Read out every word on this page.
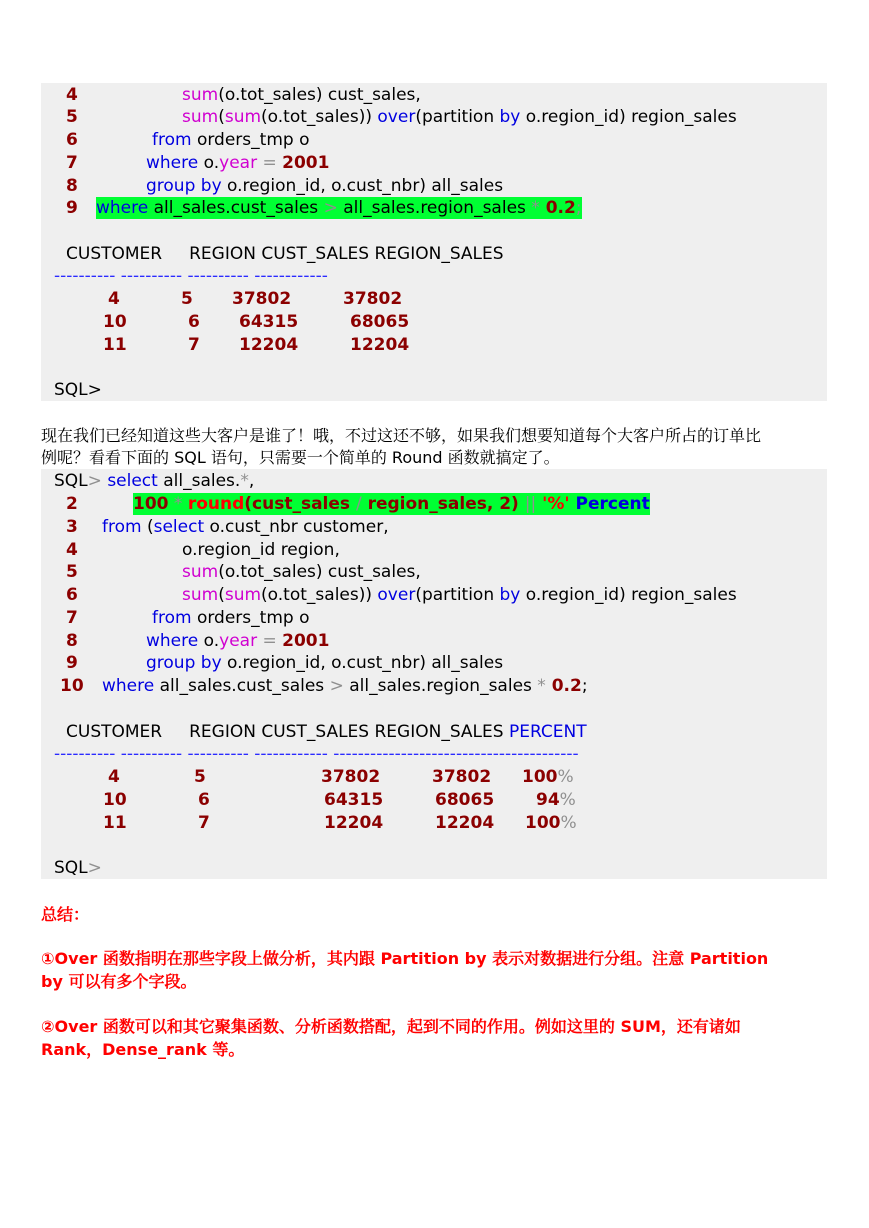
4	sum(o.tot_sales) cust_sales,
5	sum(sum(o.tot_sales)) over(partition by o.region_id) region_sales
6	from orders_tmp o
7	where o.year = 2001
8	group by o.region_id, o.cust_nbr) all_sales
9 where all_sales.cust_sales > all_sales.region_sales * 0.2;
CUSTOMER     REGION CUST_SALES REGION_SALES
---------- ---------- ---------- ------------
4	5 37802	37802
10	6 64315	68065
11	7 12204	12204
SQL>
现在我们已经知道这些大客户是谁了！哦，不过这还不够，如果我们想要知道每个大客户所占的订单比
例呢？看看下面的 SQL 语句，只需要一个简单的 Round 函数就搞定了。
SQL> select all_sales.*,
2	100 * round(cust_sales / region_sales, 2) || '%' Percent
3 from (select o.cust_nbr customer,
4	o.region_id region,
5	sum(o.tot_sales) cust_sales,
6	sum(sum(o.tot_sales)) over(partition by o.region_id) region_sales
7	from orders_tmp o
8	where o.year = 2001
9	group by o.region_id, o.cust_nbr) all_sales
10 where all_sales.cust_sales > all_sales.region_sales * 0.2;
CUSTOMER     REGION CUST_SALES REGION_SALES PERCENT
---------- ---------- ---------- ------------ ----------------------------------------
4	5	37802	37802 100%
10	6	64315	68065 94%
11	7	12204	12204 100%
SQL>
总结：
①Over 函数指明在那些字段上做分析，其内跟 Partition by 表示对数据进行分组。注意 Partition
by 可以有多个字段。
②Over 函数可以和其它聚集函数、分析函数搭配，起到不同的作用。例如这里的 SUM，还有诸如
Rank，Dense_rank 等。
